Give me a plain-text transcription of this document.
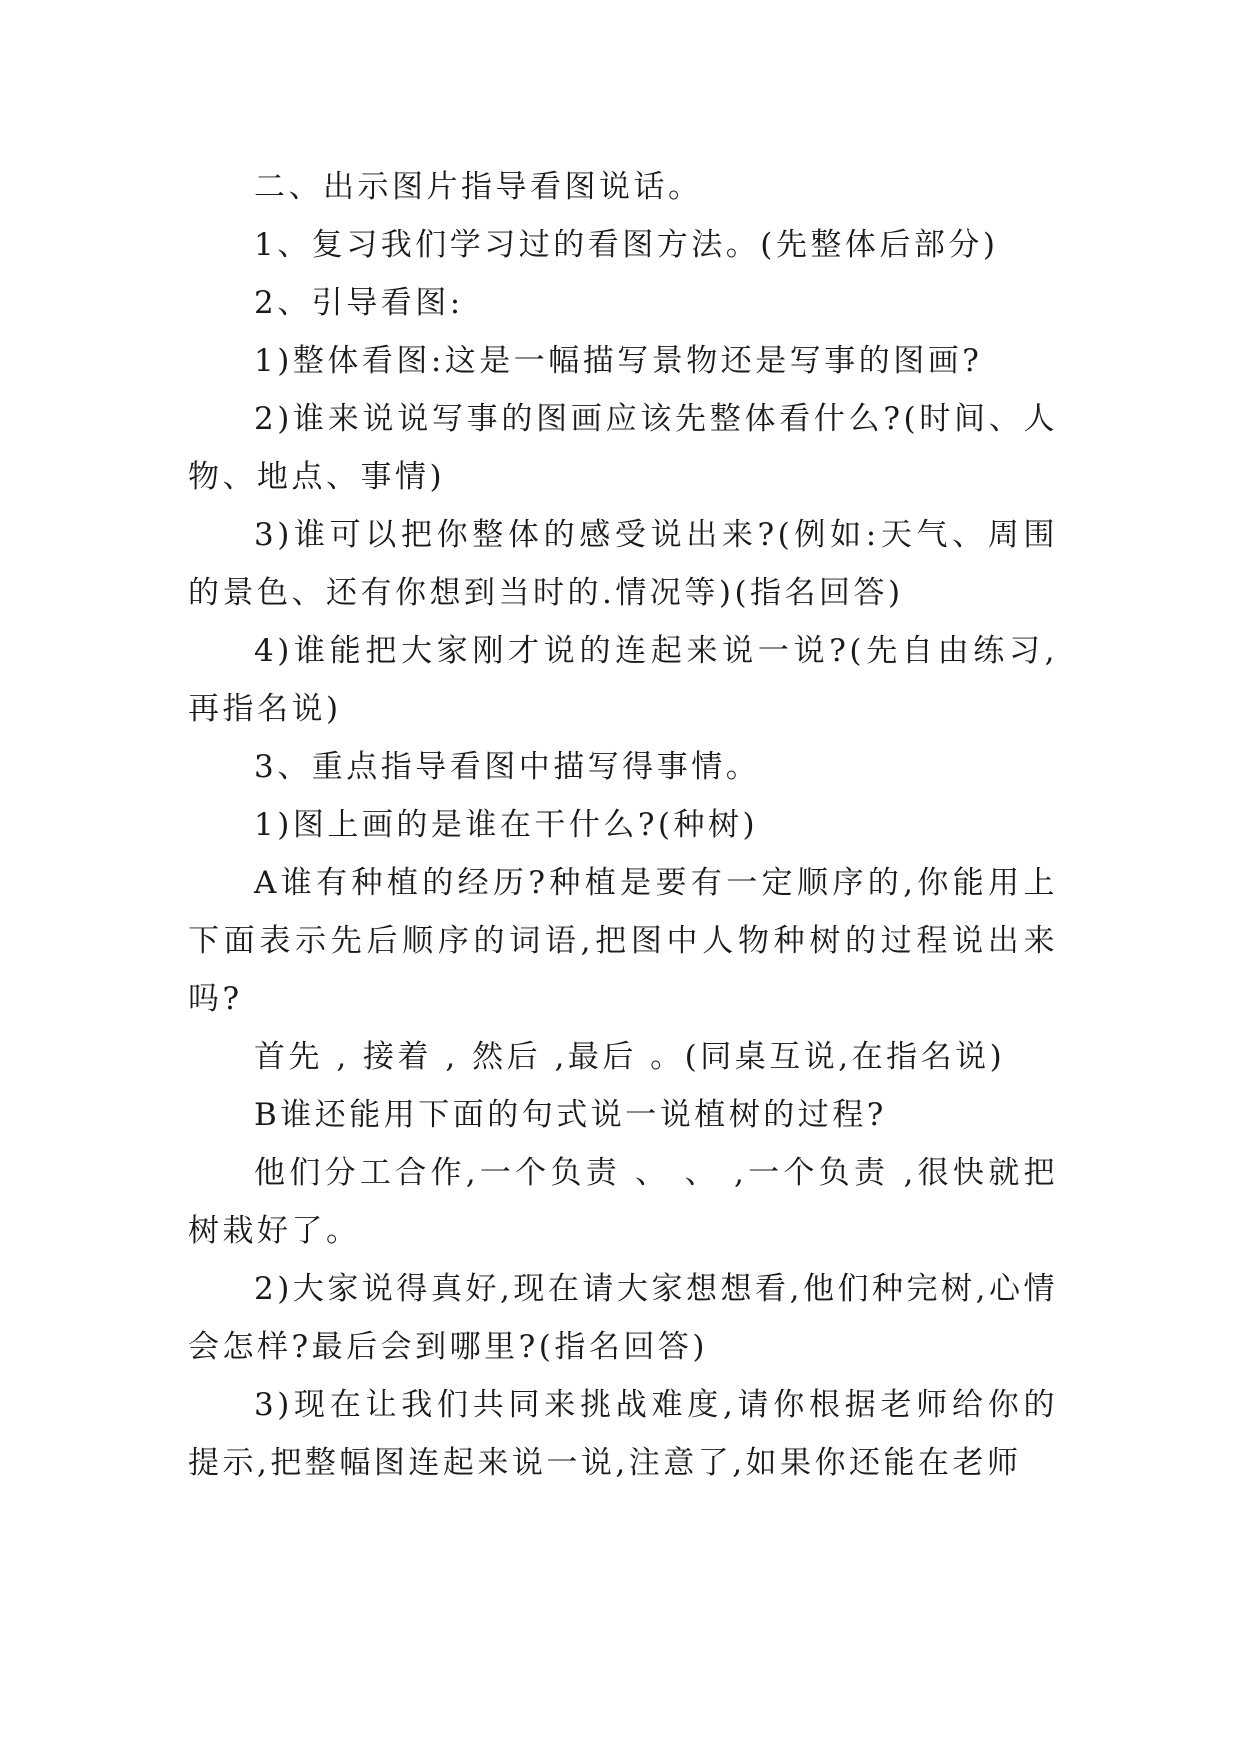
二、出示图片指导看图说话。

1、复习我们学习过的看图方法。(先整体后部分)

2、引导看图:

1)整体看图:这是一幅描写景物还是写事的图画?

2)谁来说说写事的图画应该先整体看什么?(时间、人物、地点、事情)

3)谁可以把你整体的感受说出来?(例如:天气、周围的景色、还有你想到当时的.情况等)(指名回答)

4)谁能把大家刚才说的连起来说一说?(先自由练习,再指名说)

3、重点指导看图中描写得事情。

1)图上画的是谁在干什么?(种树)

A谁有种植的经历?种植是要有一定顺序的,你能用上下面表示先后顺序的词语,把图中人物种树的过程说出来吗?

首先 , 接着 , 然后 ,最后 。(同桌互说,在指名说)

B谁还能用下面的句式说一说植树的过程?

他们分工合作,一个负责 、 、 ,一个负责 ,很快就把树栽好了。

2)大家说得真好,现在请大家想想看,他们种完树,心情会怎样?最后会到哪里?(指名回答)

3)现在让我们共同来挑战难度,请你根据老师给你的提示,把整幅图连起来说一说,注意了,如果你还能在老师
